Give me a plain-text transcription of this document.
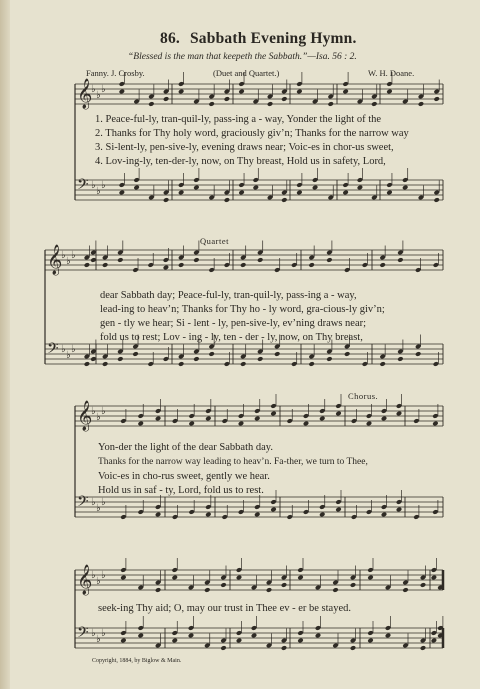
86. Sabbath Evening Hymn.
“Blessed is the man that keepeth the Sabbath.”—Isa. 56 : 2.
Fanny. J. Crosby.	(Duet and Quartet.)	W. H. Doane.
𝄞
♭
♭
♭
𝄢 ♭
♭
♭
𝄞
♭
♭
♭
𝄢 ♭
♭
♭
𝄞
♭
♭
♭
𝄢 ♭
♭
♭
𝄞
♭
♭
♭
𝄢 ♭
♭
♭
1. Peace-ful-ly, tran-quil-ly, pass-ing a - way, Yonder the light of the
2. Thanks for Thy holy word, graciously giv’n; Thanks for the narrow way
3. Si-lent-ly, pen-sive-ly, evening draws near; Voic-es in chor-us sweet,
4. Lov-ing-ly, ten-der-ly, now, on Thy breast, Hold us in safety, Lord,
Quartet
dear Sabbath day; Peace-ful-ly, tran-quil-ly, pass-ing a - way,
lead-ing to heav’n; Thanks for Thy ho - ly word, gra-cious-ly giv’n;
gen - tly we hear; Si - lent - ly, pen-sive-ly, ev’ning draws near;
fold us to rest; Lov - ing - ly, ten - der - ly, now, on Thy breast,
Chorus.
Yon-der the light of the dear Sabbath day.
Thanks for the narrow way leading to heav’n. Fa-ther, we turn to Thee,
Voic-es in cho-rus sweet, gently we hear.
Hold us in saf - ty, Lord, fold us to rest.
seek-ing Thy aid; O, may our trust in Thee ev - er be stayed.
Copyright, 1884, by Biglow & Main.
